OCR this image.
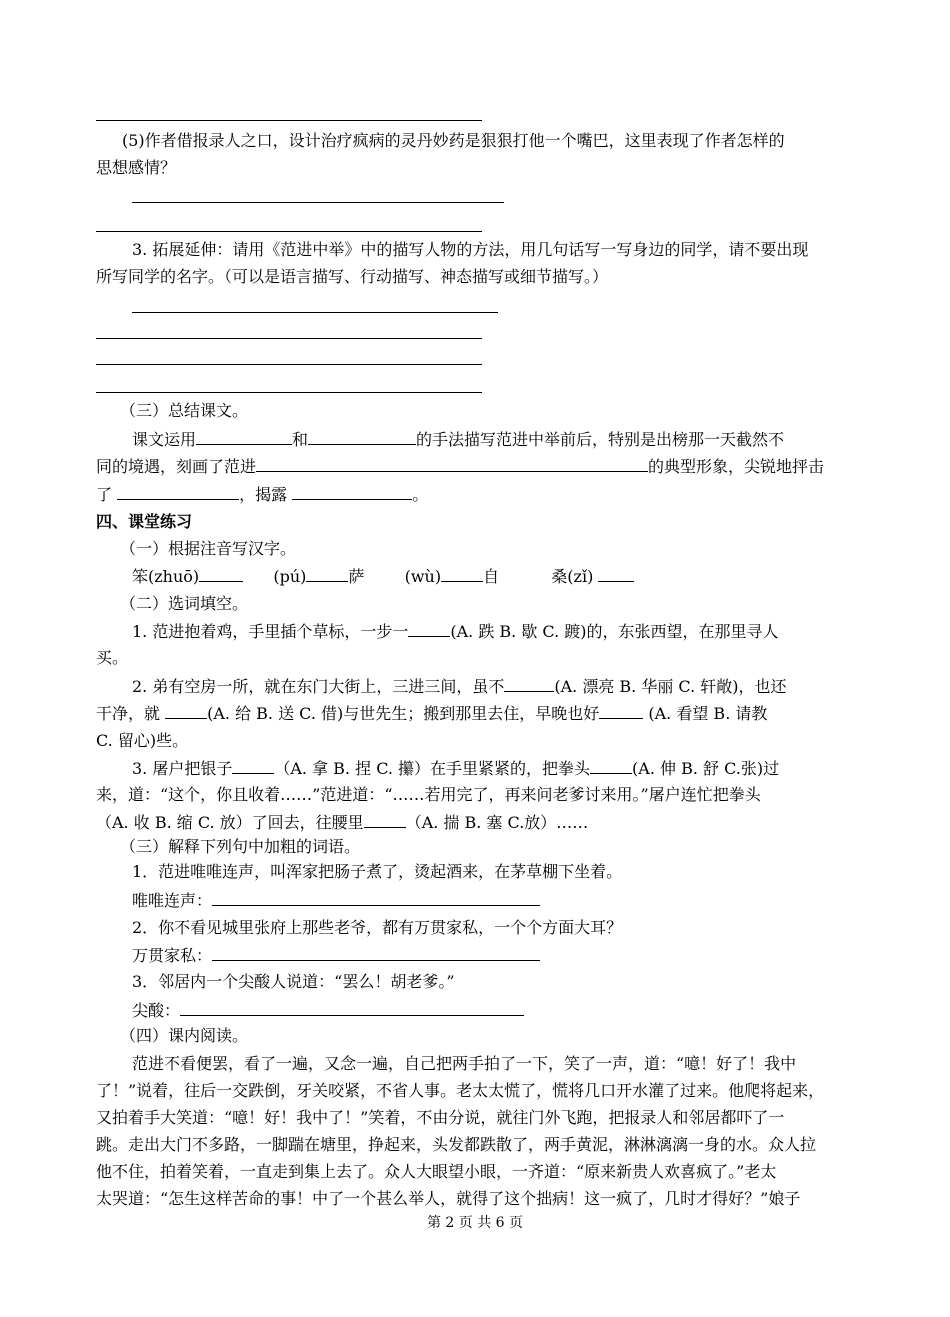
(5)作者借报录人之口，设计治疗疯病的灵丹妙药是狠狠打他一个嘴巴，这里表现了作者怎样的
思想感情？
3. 拓展延伸：请用《范进中举》中的描写人物的方法，用几句话写一写身边的同学，请不要出现
所写同学的名字。（可以是语言描写、行动描写、神态描写或细节描写。）
（三）总结课文。
课文运用	和	的手法描写范进中举前后，特别是出榜那一天截然不
同的境遇，刻画了范进	的典型形象，尖锐地抨击
了	，揭露	。
四、课堂练习
（一）根据注音写汉字。
笨(zhuō)	(pú)	萨	(wù)	自	桑(zǐ)
（二）选词填空。
1. 范进抱着鸡，手里插个草标，一步一	(A. 跌 B. 歇 C. 踱)的，东张西望，在那里寻人
买。
2. 弟有空房一所，就在东门大街上，三进三间，虽不	(A. 漂亮 B. 华丽 C. 轩敞)，也还
干净，就	(A. 给 B. 送 C. 借)与世先生；搬到那里去住，早晚也好	(A. 看望 B. 请教
C. 留心)些。
3. 屠户把银子	（A. 拿 B. 捏 C. 攥）在手里紧紧的，把拳头	(A. 伸 B. 舒 C.张)过
来，道：“这个，你且收着……”范进道：“……若用完了，再来问老爹讨来用。”屠户连忙把拳头
（A. 收 B. 缩 C. 放）了回去，往腰里	（A. 揣 B. 塞 C.放）……
（三）解释下列句中加粗的词语。
1．范进唯唯连声，叫浑家把肠子煮了，烫起酒来，在茅草棚下坐着。
唯唯连声：
2．你不看见城里张府上那些老爷，都有万贯家私，一个个方面大耳？
万贯家私：
3．邻居内一个尖酸人说道：“罢么！胡老爹。”
尖酸：
（四）课内阅读。
范进不看便罢，看了一遍，又念一遍，自己把两手拍了一下，笑了一声，道：“噫！好了！我中
了！”说着，往后一交跌倒，牙关咬紧，不省人事。老太太慌了，慌将几口开水灌了过来。他爬将起来，
又拍着手大笑道：“噫！好！我中了！”笑着，不由分说，就往门外飞跑，把报录人和邻居都吓了一
跳。走出大门不多路，一脚踹在塘里，挣起来，头发都跌散了，两手黄泥，淋淋漓漓一身的水。众人拉
他不住，拍着笑着，一直走到集上去了。众人大眼望小眼，一齐道：“原来新贵人欢喜疯了。”老太
太哭道：“怎生这样苦命的事！中了一个甚么举人，就得了这个拙病！这一疯了，几时才得好？”娘子
第 2 页 共 6 页
